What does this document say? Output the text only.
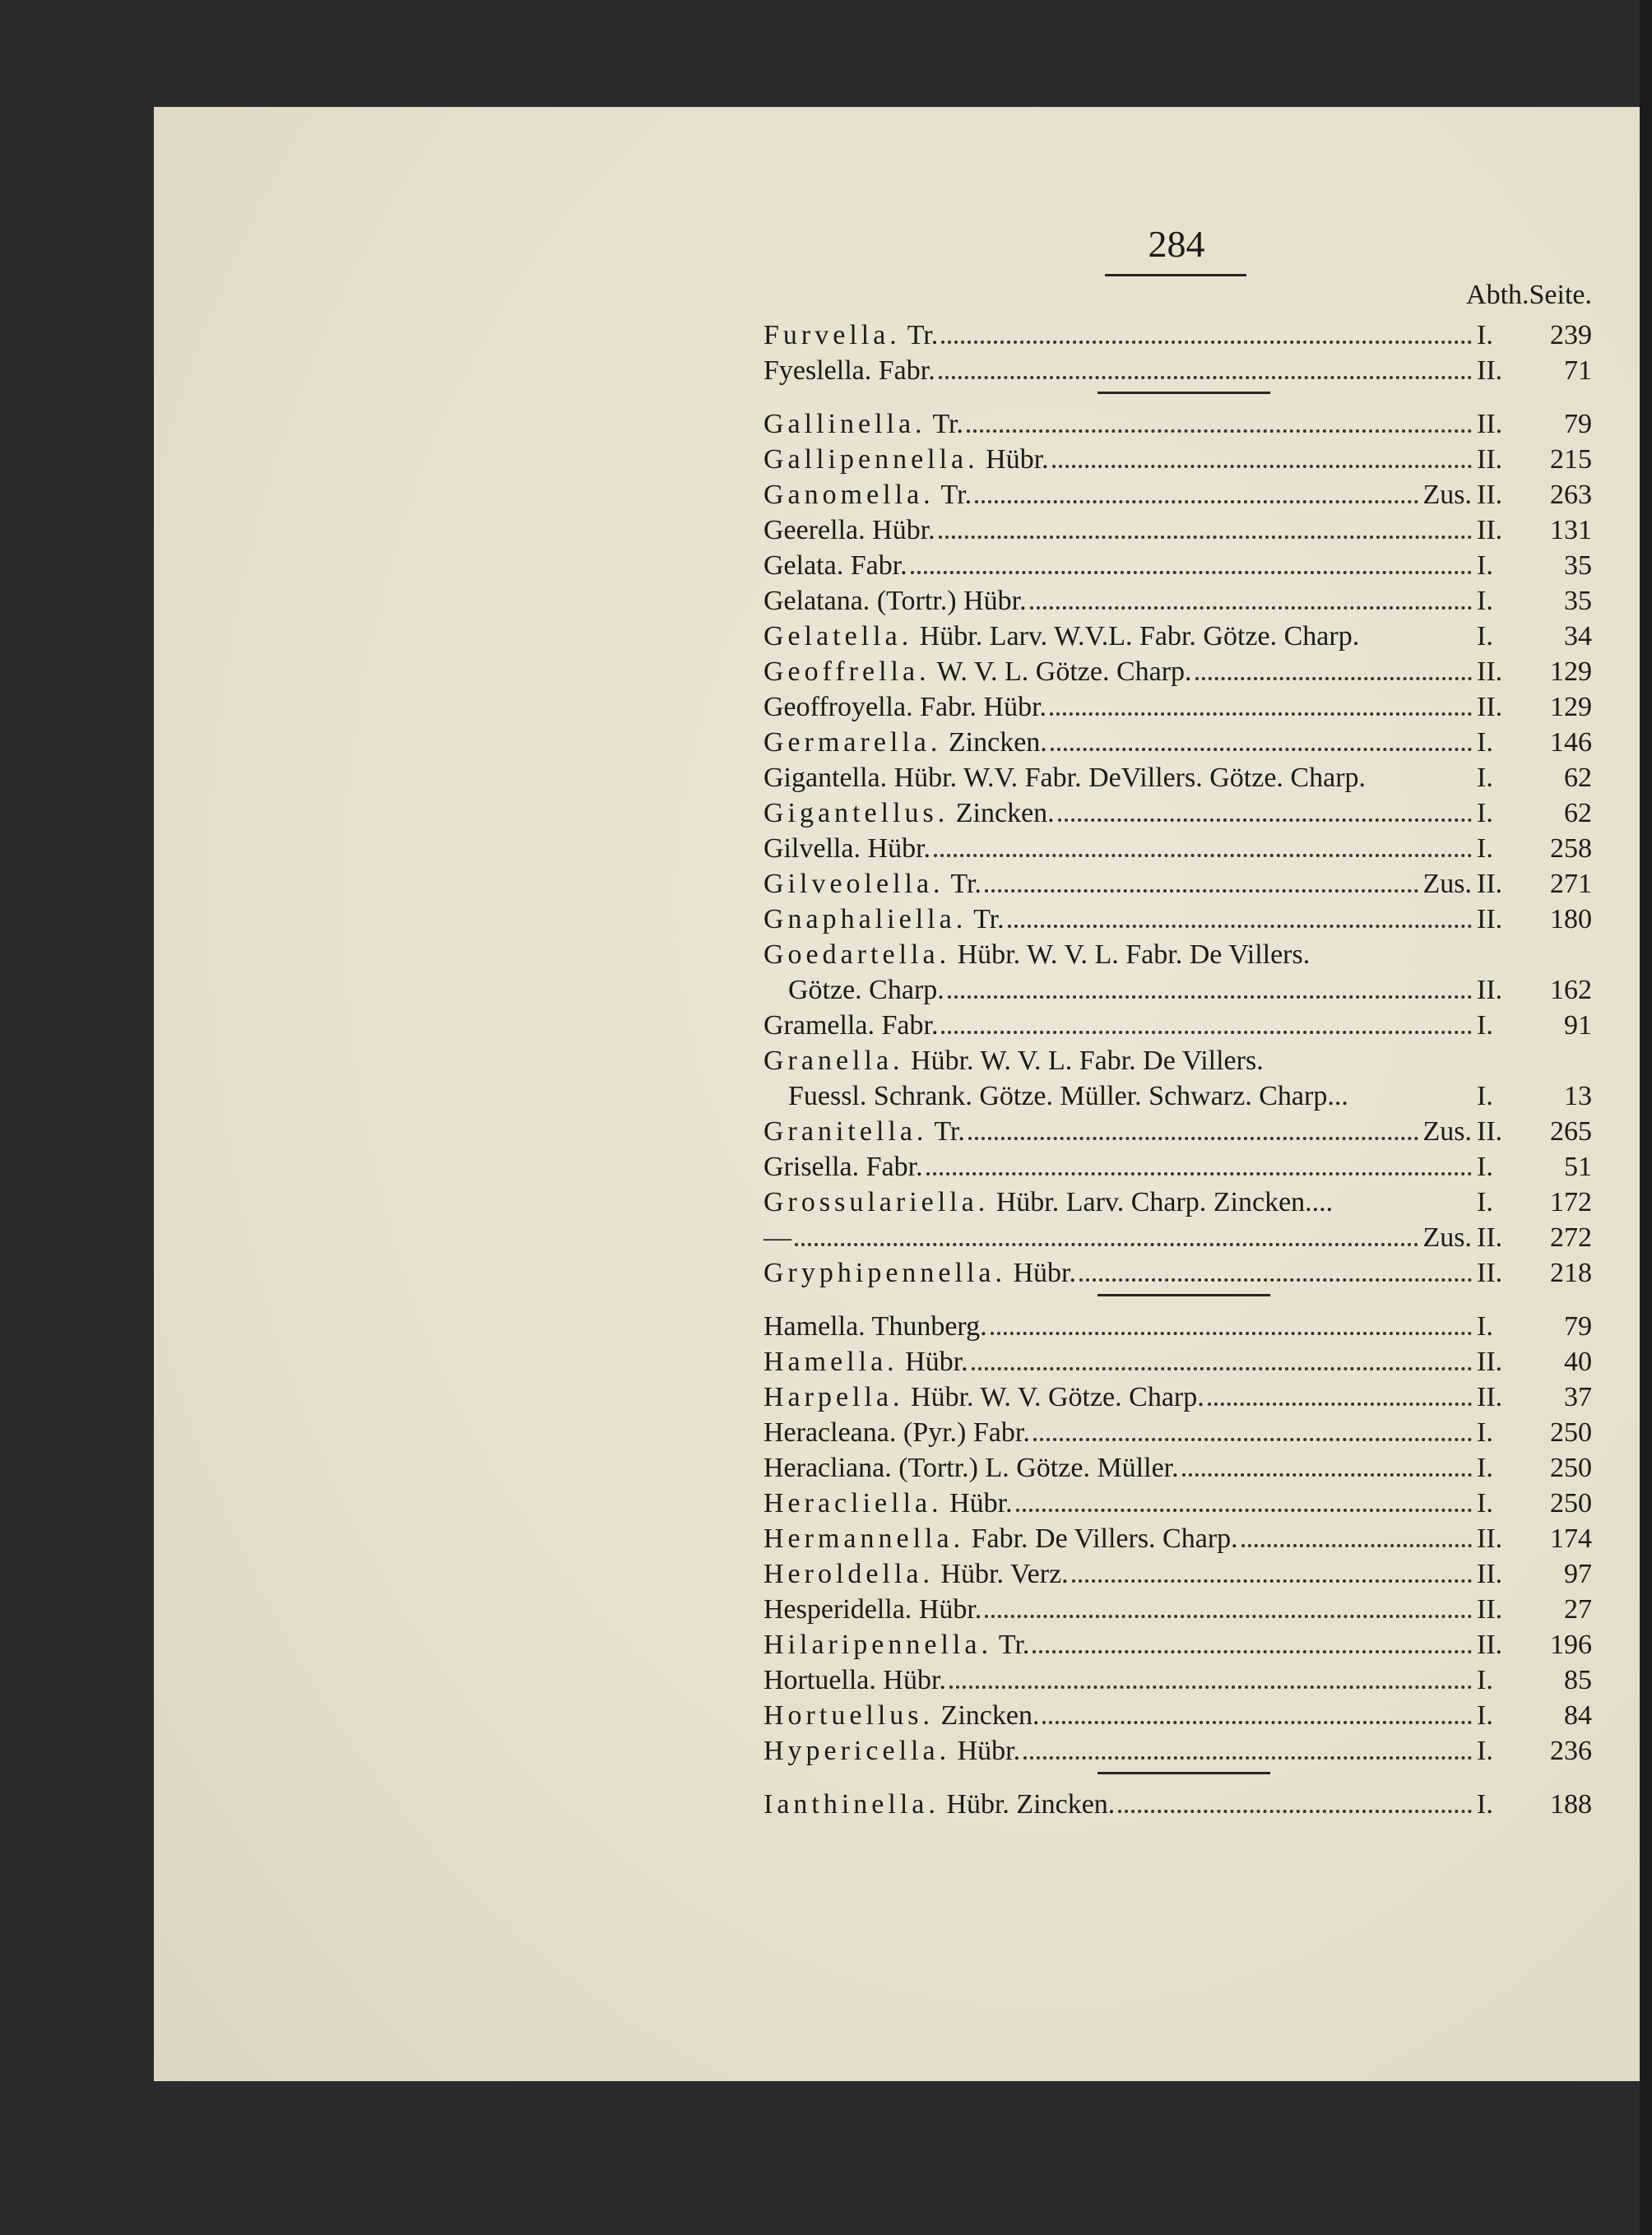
284
Abth.Seite.
Furvella. Tr.	I.	239
Fyeslella. Fabr.	II.	71
Gallinella. Tr.	II.	79
Gallipennella. Hübr.	II.	215
Ganomella. Tr.	Zus. II.	263
Geerella. Hübr.	II.	131
Gelata. Fabr.	I.	35
Gelatana. (Tortr.) Hübr.	I.	35
Gelatella. Hübr. Larv. W.V.L. Fabr. Götze. Charp.	I.	34
Geoffrella. W. V. L. Götze. Charp.	II.	129
Geoffroyella. Fabr. Hübr.	II.	129
Germarella. Zincken.	I.	146
Gigantella. Hübr. W.V. Fabr. DeVillers. Götze. Charp.	I.	62
Gigantellus. Zincken.	I.	62
Gilvella. Hübr.	I.	258
Gilveolella. Tr.	Zus. II.	271
Gnaphaliella. Tr.	II.	180
Goedartella. Hübr. W. V. L. Fabr. De Villers.
Götze. Charp.	II.	162
Gramella. Fabr.	I.	91
Granella. Hübr. W. V. L. Fabr. De Villers.
Fuessl. Schrank. Götze. Müller. Schwarz. Charp...	I.	13
Granitella. Tr.	Zus. II.	265
Grisella. Fabr.	I.	51
Grossulariella. Hübr. Larv. Charp. Zincken....	I.	172
—	Zus. II.	272
Gryphipennella. Hübr.	II.	218
Hamella. Thunberg.	I.	79
Hamella. Hübr.	II.	40
Harpella. Hübr. W. V. Götze. Charp.	II.	37
Heracleana. (Pyr.) Fabr.	I.	250
Heracliana. (Tortr.) L. Götze. Müller.	I.	250
Heracliella. Hübr.	I.	250
Hermannella. Fabr. De Villers. Charp.	II.	174
Heroldella. Hübr. Verz.	II.	97
Hesperidella. Hübr.	II.	27
Hilaripennella. Tr.	II.	196
Hortuella. Hübr.	I.	85
Hortuellus. Zincken.	I.	84
Hypericella. Hübr.	I.	236
Ianthinella. Hübr. Zincken.	I.	188
